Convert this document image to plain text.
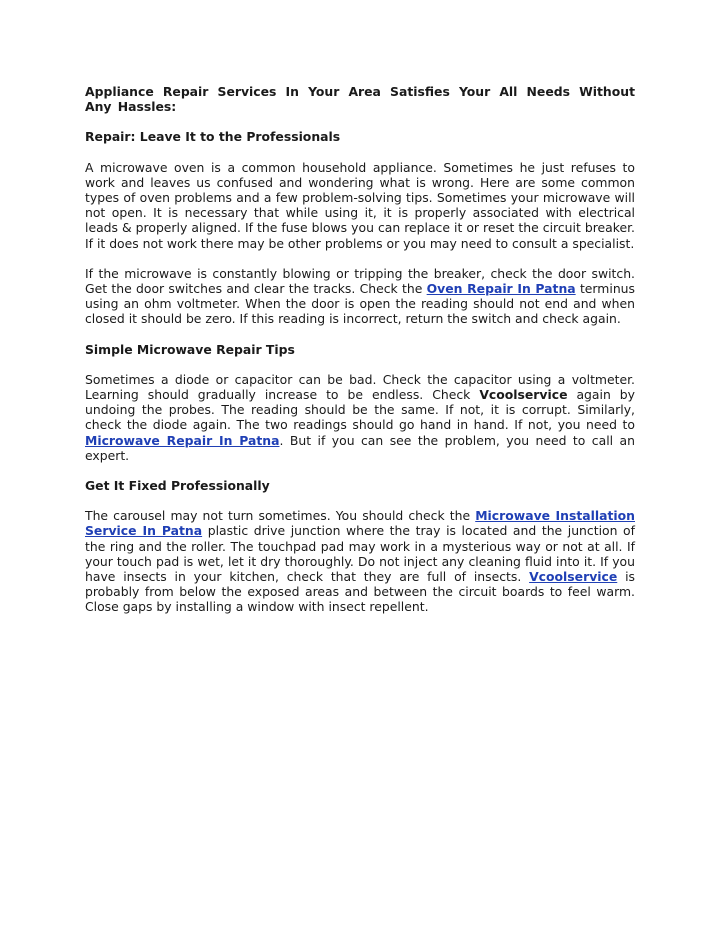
Appliance Repair Services In Your Area Satisfies Your All Needs Without Any Hassles:
Repair: Leave It to the Professionals

A microwave oven is a common household appliance. Sometimes he just refuses to work and leaves us confused and wondering what is wrong. Here are some common types of oven problems and a few problem-solving tips. Sometimes your microwave will not open. It is necessary that while using it, it is properly associated with electrical leads & properly aligned. If the fuse blows you can replace it or reset the circuit breaker. If it does not work there may be other problems or you may need to consult a specialist.

If the microwave is constantly blowing or tripping the breaker, check the door switch. Get the door switches and clear the tracks. Check the Oven Repair In Patna terminus using an ohm voltmeter. When the door is open the reading should not end and when closed it should be zero. If this reading is incorrect, return the switch and check again.

Simple Microwave Repair Tips

Sometimes a diode or capacitor can be bad. Check the capacitor using a voltmeter. Learning should gradually increase to be endless. Check Vcoolservice again by undoing the probes. The reading should be the same. If not, it is corrupt. Similarly, check the diode again. The two readings should go hand in hand. If not, you need to Microwave Repair In Patna. But if you can see the problem, you need to call an expert.

Get It Fixed Professionally

The carousel may not turn sometimes. You should check the Microwave Installation Service In Patna plastic drive junction where the tray is located and the junction of the ring and the roller. The touchpad pad may work in a mysterious way or not at all. If your touch pad is wet, let it dry thoroughly. Do not inject any cleaning fluid into it. If you have insects in your kitchen, check that they are full of insects. Vcoolservice is probably from below the exposed areas and between the circuit boards to feel warm. Close gaps by installing a window with insect repellent.
